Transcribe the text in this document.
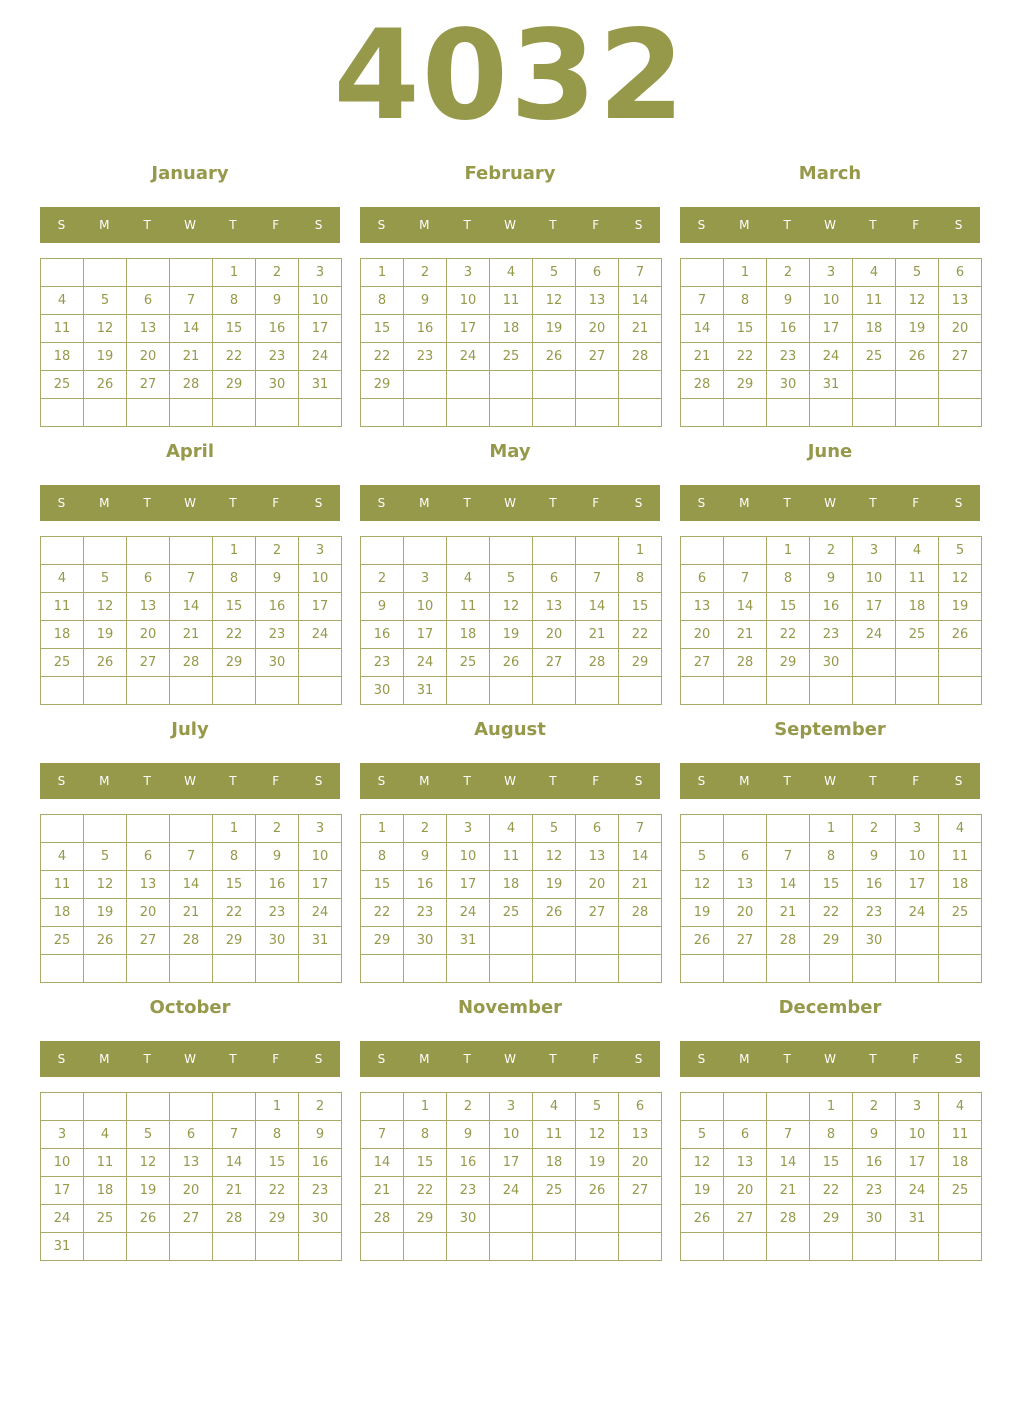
4032
January
S	M	T	W	T	F	S
				1	2	3
4	5	6	7	8	9	10
11	12	13	14	15	16	17
18	19	20	21	22	23	24
25	26	27	28	29	30	31

February
S	M	T	W	T	F	S
1	2	3	4	5	6	7
8	9	10	11	12	13	14
15	16	17	18	19	20	21
22	23	24	25	26	27	28
29						

March
S	M	T	W	T	F	S
	1	2	3	4	5	6
7	8	9	10	11	12	13
14	15	16	17	18	19	20
21	22	23	24	25	26	27
28	29	30	31			

April
S	M	T	W	T	F	S
				1	2	3
4	5	6	7	8	9	10
11	12	13	14	15	16	17
18	19	20	21	22	23	24
25	26	27	28	29	30	

May
S	M	T	W	T	F	S
						1
2	3	4	5	6	7	8
9	10	11	12	13	14	15
16	17	18	19	20	21	22
23	24	25	26	27	28	29
30	31					
June
S	M	T	W	T	F	S
		1	2	3	4	5
6	7	8	9	10	11	12
13	14	15	16	17	18	19
20	21	22	23	24	25	26
27	28	29	30			

July
S	M	T	W	T	F	S
				1	2	3
4	5	6	7	8	9	10
11	12	13	14	15	16	17
18	19	20	21	22	23	24
25	26	27	28	29	30	31

August
S	M	T	W	T	F	S
1	2	3	4	5	6	7
8	9	10	11	12	13	14
15	16	17	18	19	20	21
22	23	24	25	26	27	28
29	30	31				

September
S	M	T	W	T	F	S
			1	2	3	4
5	6	7	8	9	10	11
12	13	14	15	16	17	18
19	20	21	22	23	24	25
26	27	28	29	30		

October
S	M	T	W	T	F	S
					1	2
3	4	5	6	7	8	9
10	11	12	13	14	15	16
17	18	19	20	21	22	23
24	25	26	27	28	29	30
31						
November
S	M	T	W	T	F	S
	1	2	3	4	5	6
7	8	9	10	11	12	13
14	15	16	17	18	19	20
21	22	23	24	25	26	27
28	29	30				

December
S	M	T	W	T	F	S
			1	2	3	4
5	6	7	8	9	10	11
12	13	14	15	16	17	18
19	20	21	22	23	24	25
26	27	28	29	30	31	
